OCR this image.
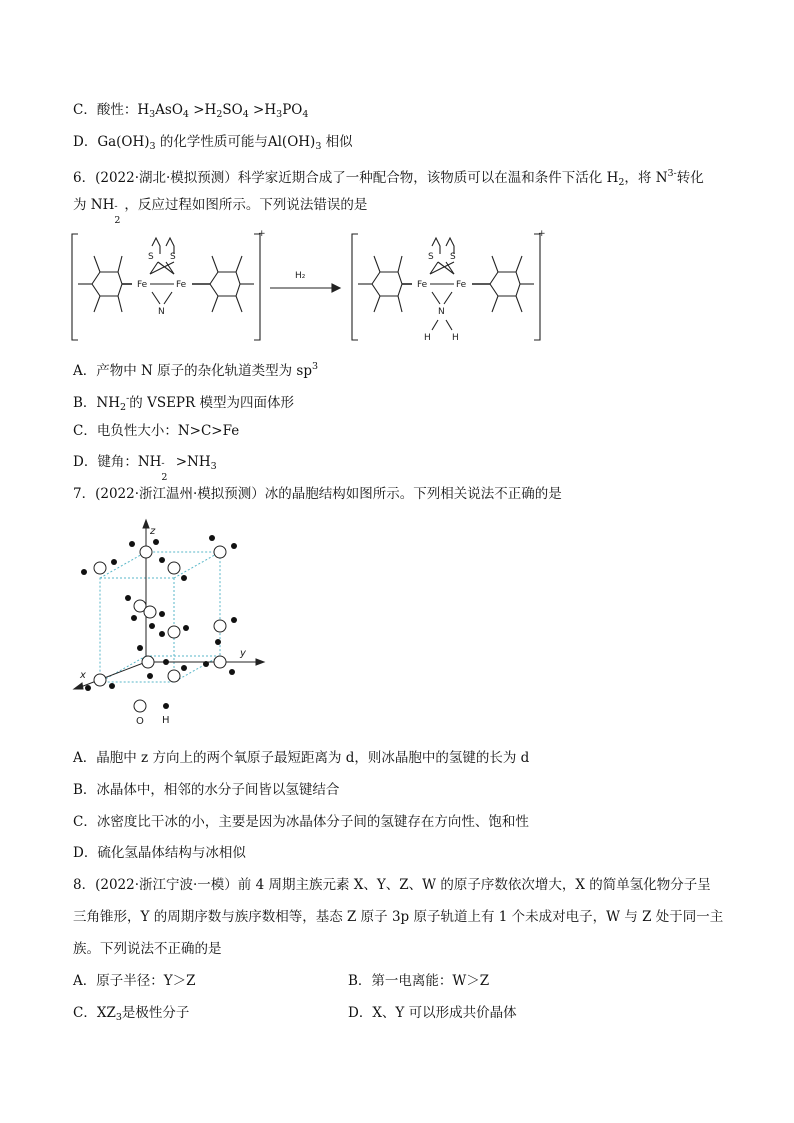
C．酸性：$H_3AsO_4 >H_2SO_4 >H_3PO_4$
D．$Ga(OH)_3$ 的化学性质可能与$Al(OH)_3$ 相似
6．(2022·湖北·模拟预测）科学家近期合成了一种配合物，该物质可以在温和条件下活化 $H_2$，将 $N^{3-}$转化
为 NH -
2
，反应过程如图所示。下列说法错误的是
+	+
H₂
S S
Fe	Fe
N
S S
Fe	Fe
N
H H
A．产物中 N 原子的杂化轨道类型为 $sp^3$
B．$NH_2^-$的 VSEPR 模型为四面体形
C．电负性大小：N>C>Fe
D．键角：NH -
2
$>NH_3$
7．(2022·浙江温州·模拟预测）冰的晶胞结构如图所示。下列相关说法不正确的是
z
y
x
O H
A．晶胞中 z 方向上的两个氧原子最短距离为 d，则冰晶胞中的氢键的长为 d
B．冰晶体中，相邻的水分子间皆以氢键结合
C．冰密度比干冰的小，主要是因为冰晶体分子间的氢键存在方向性、饱和性
D．硫化氢晶体结构与冰相似
8．(2022·浙江宁波·一模）前 4 周期主族元素 X、Y、Z、W 的原子序数依次增大，X 的简单氢化物分子呈
三角锥形，Y 的周期序数与族序数相等，基态 Z 原子 3p 原子轨道上有 1 个未成对电子，W 与 Z 处于同一主
族。下列说法不正确的是
A．原子半径：Y＞Z	B．第一电离能：W＞Z
C．$XZ_3$是极性分子	D．X、Y 可以形成共价晶体
